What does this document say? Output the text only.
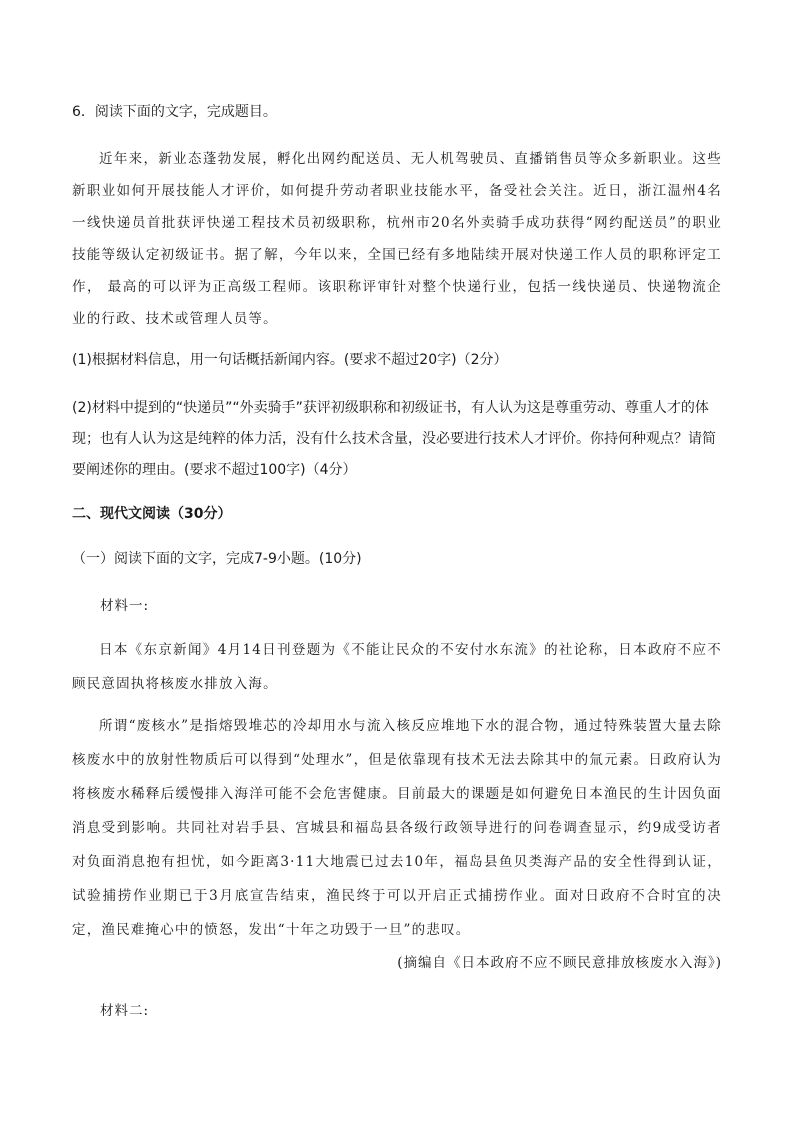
6．阅读下面的文字，完成题目。
近年来，新业态蓬勃发展，孵化出网约配送员、无人机驾驶员、直播销售员等众多新职业。这些新职业如何开展技能人才评价，如何提升劳动者职业技能水平，备受社会关注。近日，浙江温州4名一线快递员首批获评快递工程技术员初级职称，杭州市20名外卖骑手成功获得“网约配送员”的职业技能等级认定初级证书。据了解，今年以来，全国已经有多地陆续开展对快递工作人员的职称评定工作， 最高的可以评为正高级工程师。该职称评审针对整个快递行业，包括一线快递员、快递物流企业的行政、技术或管理人员等。
(1)根据材料信息，用一句话概括新闻内容。(要求不超过20字)（2分）
(2)材料中提到的“快递员”“外卖骑手”获评初级职称和初级证书，有人认为这是尊重劳动、尊重人才的体现；也有人认为这是纯粹的体力活，没有什么技术含量，没必要进行技术人才评价。你持何种观点？请简要阐述你的理由。(要求不超过100字)（4分）
二、现代文阅读（30分）
（一）阅读下面的文字，完成7-9小题。(10分)
材料一:
日本《东京新闻》4月14日刊登题为《不能让民众的不安付水东流》的社论称，日本政府不应不顾民意固执将核废水排放入海。
所谓“废核水”是指熔毁堆芯的冷却用水与流入核反应堆地下水的混合物，通过特殊装置大量去除核废水中的放射性物质后可以得到“处理水”，但是依靠现有技术无法去除其中的氚元素。日政府认为将核废水稀释后缓慢排入海洋可能不会危害健康。目前最大的课题是如何避免日本渔民的生计因负面消息受到影响。共同社对岩手县、宫城县和福岛县各级行政领导进行的问卷调查显示，约9成受访者对负面消息抱有担忧，如今距离3·11大地震已过去10年，福岛县鱼贝类海产品的安全性得到认证，试验捕捞作业期已于3月底宣告结束，渔民终于可以开启正式捕捞作业。面对日政府不合时宜的决定，渔民难掩心中的愤怒，发出“十年之功毁于一旦”的悲叹。
(摘编自《日本政府不应不顾民意排放核废水入海》)
材料二:
